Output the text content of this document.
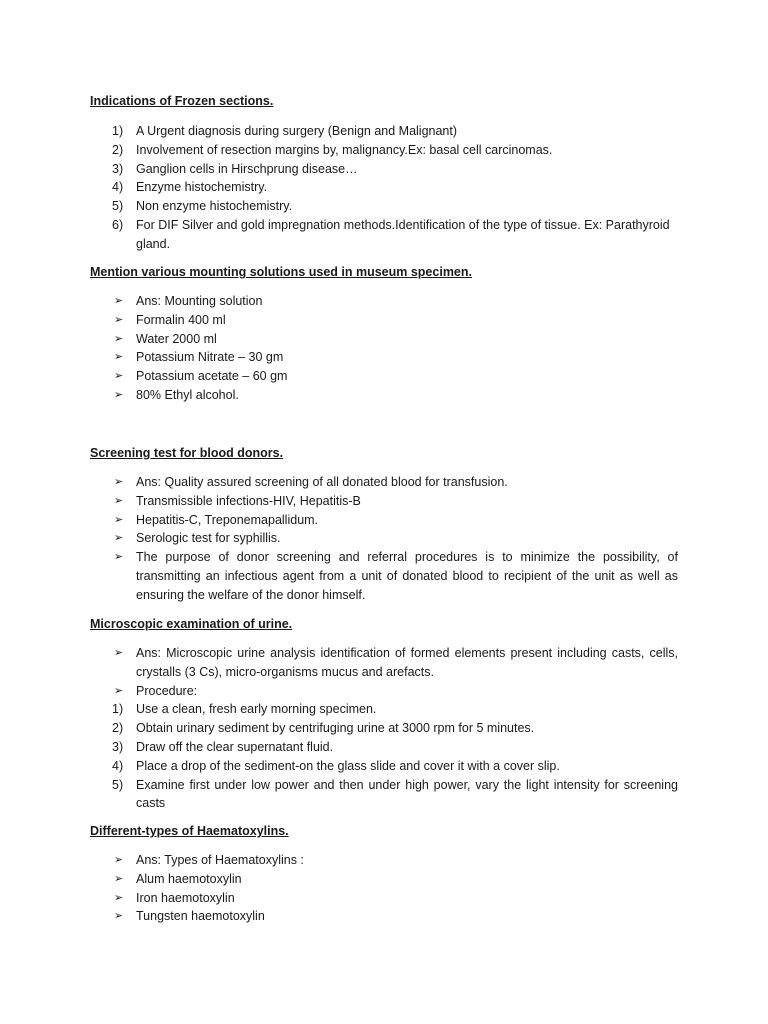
Indications of Frozen sections.

1)	A Urgent diagnosis during surgery (Benign and Malignant)
2)	Involvement of resection margins by, malignancy.Ex: basal cell carcinomas.
3)	Ganglion cells in Hirschprung disease…
4)	Enzyme histochemistry.
5)	Non enzyme histochemistry.
6)	For DIF Silver and gold impregnation methods.Identification of the type of tissue. Ex: Parathyroid gland.

Mention various mounting solutions used in museum specimen.

➢	Ans: Mounting solution
➢	Formalin 400 ml
➢	Water 2000 ml
➢	Potassium Nitrate – 30 gm
➢	Potassium acetate – 60 gm
➢	80% Ethyl alcohol.

Screening test for blood donors.

➢	Ans: Quality assured screening of all donated blood for transfusion.
➢	Transmissible infections-HIV, Hepatitis-B
➢	Hepatitis-C, Treponemapallidum.
➢	Serologic test for syphillis.
➢	The purpose of donor screening and referral procedures is to minimize the possibility, of transmitting an infectious agent from a unit of donated blood to recipient of the unit as well as ensuring the welfare of the donor himself.

Microscopic examination of urine.

➢	Ans: Microscopic urine analysis identification of formed elements present including casts, cells, crystalls (3 Cs), micro-organisms mucus and arefacts.
➢	Procedure:
1)	Use a clean, fresh early morning specimen.
2)	Obtain urinary sediment by centrifuging urine at 3000 rpm for 5 minutes.
3)	Draw off the clear supernatant fluid.
4)	Place a drop of the sediment-on the glass slide and cover it with a cover slip.
5)	Examine first under low power and then under high power, vary the light intensity for screening casts

Different-types of Haematoxylins.

➢	Ans: Types of Haematoxylins :
➢	Alum haemotoxylin
➢	Iron haemotoxylin
➢	Tungsten haemotoxylin
